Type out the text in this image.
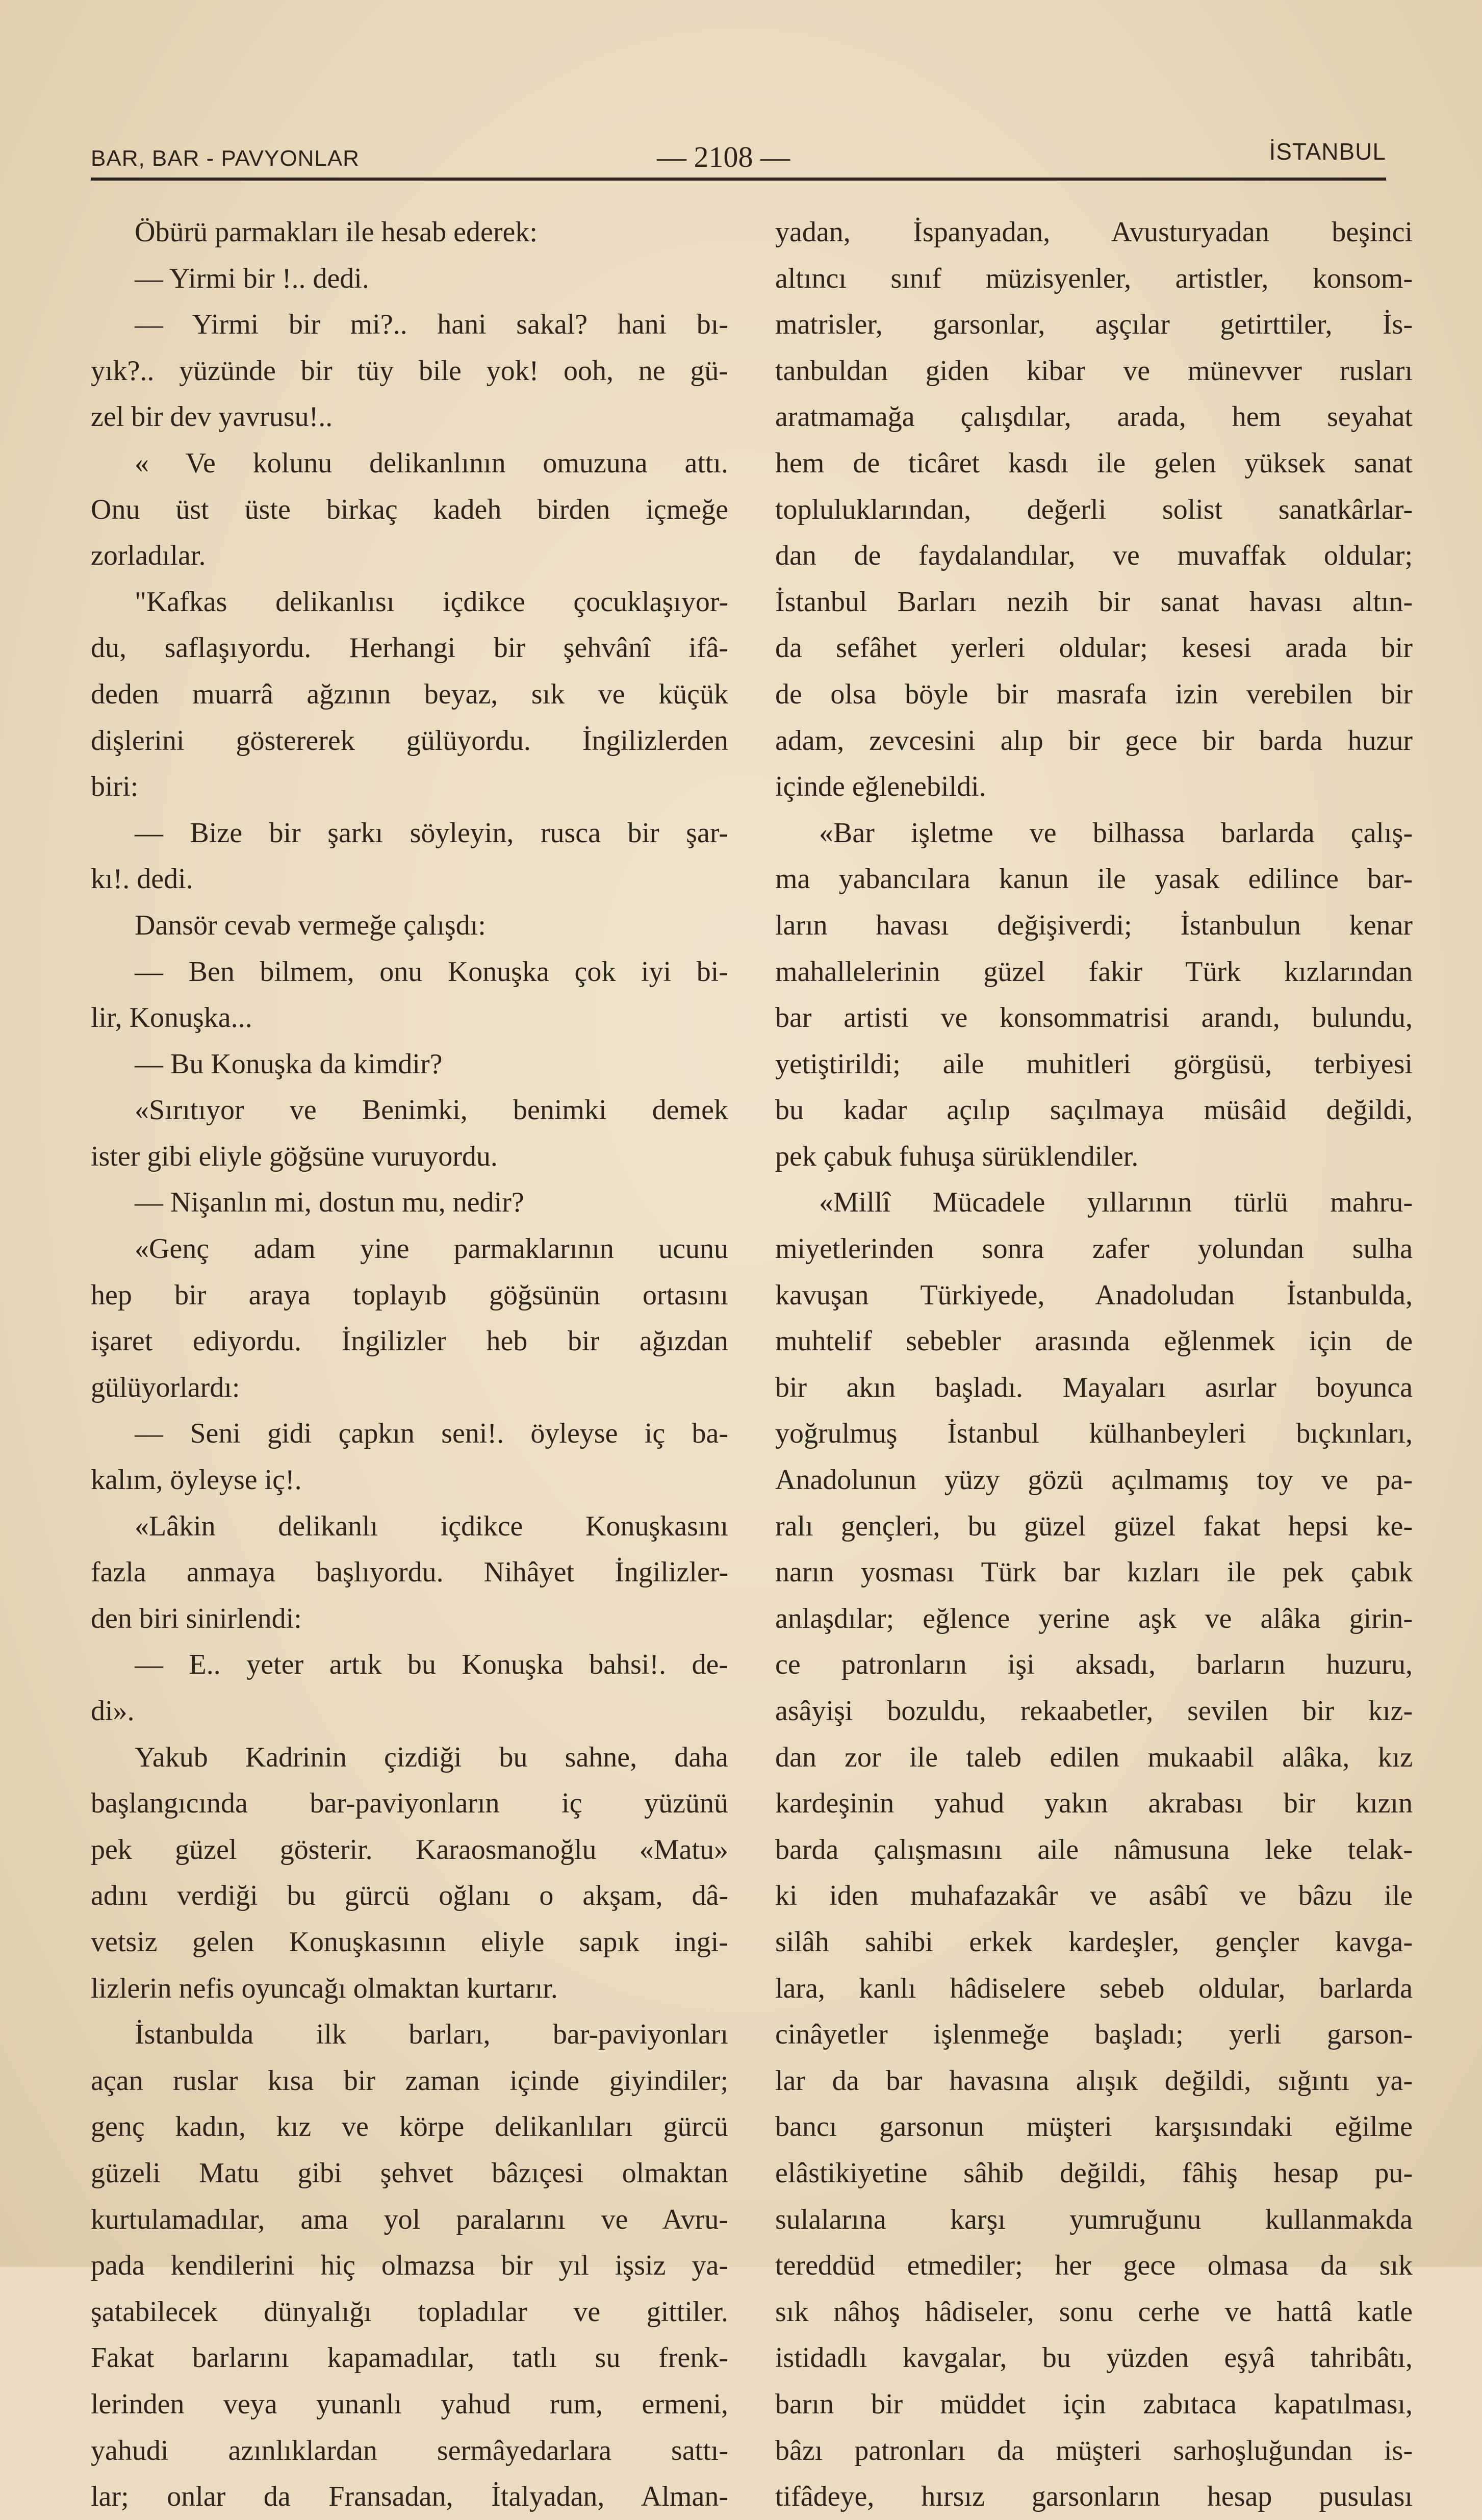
BAR, BAR - PAVYONLAR	— 2108 —	İSTANBUL
Öbürü parmakları ile hesab ederek:
— Yirmi bir !.. dedi.
— Yirmi bir mi?.. hani sakal? hani bı-
yık?.. yüzünde bir tüy bile yok! ooh, ne gü-
zel bir dev yavrusu!..
« Ve kolunu delikanlının omuzuna attı.
Onu üst üste birkaç kadeh birden içmeğe
zorladılar.
"Kafkas delikanlısı içdikce çocuklaşıyor-
du, saflaşıyordu. Herhangi bir şehvânî ifâ-
deden muarrâ ağzının beyaz, sık ve küçük
dişlerini göstererek gülüyordu. İngilizlerden
biri:
— Bize bir şarkı söyleyin, rusca bir şar-
kı!. dedi.
Dansör cevab vermeğe çalışdı:
— Ben bilmem, onu Konuşka çok iyi bi-
lir, Konuşka...
— Bu Konuşka da kimdir?
«Sırıtıyor ve Benimki, benimki demek
ister gibi eliyle göğsüne vuruyordu.
— Nişanlın mi, dostun mu, nedir?
«Genç adam yine parmaklarının ucunu
hep bir araya toplayıb göğsünün ortasını
işaret ediyordu. İngilizler heb bir ağızdan
gülüyorlardı:
— Seni gidi çapkın seni!. öyleyse iç ba-
kalım, öyleyse iç!.
«Lâkin delikanlı içdikce Konuşkasını
fazla anmaya başlıyordu. Nihâyet İngilizler-
den biri sinirlendi:
— E.. yeter artık bu Konuşka bahsi!. de-
di».
Yakub Kadrinin çizdiği bu sahne, daha
başlangıcında bar-paviyonların iç yüzünü
pek güzel gösterir. Karaosmanoğlu «Matu»
adını verdiği bu gürcü oğlanı o akşam, dâ-
vetsiz gelen Konuşkasının eliyle sapık ingi-
lizlerin nefis oyuncağı olmaktan kurtarır.
İstanbulda ilk barları, bar-paviyonları
açan ruslar kısa bir zaman içinde giyindiler;
genç kadın, kız ve körpe delikanlıları gürcü
güzeli Matu gibi şehvet bâzıçesi olmaktan
kurtulamadılar, ama yol paralarını ve Avru-
pada kendilerini hiç olmazsa bir yıl işsiz ya-
şatabilecek dünyalığı topladılar ve gittiler.
Fakat barlarını kapamadılar, tatlı su frenk-
lerinden veya yunanlı yahud rum, ermeni,
yahudi azınlıklardan sermâyedarlara sattı-
lar; onlar da Fransadan, İtalyadan, Alman-
yadan, İspanyadan, Avusturyadan beşinci
altıncı sınıf müzisyenler, artistler, konsom-
matrisler, garsonlar, aşçılar getirttiler, İs-
tanbuldan giden kibar ve münevver rusları
aratmamağa çalışdılar, arada, hem seyahat
hem de ticâret kasdı ile gelen yüksek sanat
topluluklarından, değerli solist sanatkârlar-
dan de faydalandılar, ve muvaffak oldular;
İstanbul Barları nezih bir sanat havası altın-
da sefâhet yerleri oldular; kesesi arada bir
de olsa böyle bir masrafa izin verebilen bir
adam, zevcesini alıp bir gece bir barda huzur
içinde eğlenebildi.
«Bar işletme ve bilhassa barlarda çalış-
ma yabancılara kanun ile yasak edilince bar-
ların havası değişiverdi; İstanbulun kenar
mahallelerinin güzel fakir Türk kızlarından
bar artisti ve konsommatrisi arandı, bulundu,
yetiştirildi; aile muhitleri görgüsü, terbiyesi
bu kadar açılıp saçılmaya müsâid değildi,
pek çabuk fuhuşa sürüklendiler.
«Millî Mücadele yıllarının türlü mahru-
miyetlerinden sonra zafer yolundan sulha
kavuşan Türkiyede, Anadoludan İstanbulda,
muhtelif sebebler arasında eğlenmek için de
bir akın başladı. Mayaları asırlar boyunca
yoğrulmuş İstanbul külhanbeyleri bıçkınları,
Anadolunun yüzy gözü açılmamış toy ve pa-
ralı gençleri, bu güzel güzel fakat hepsi ke-
narın yosması Türk bar kızları ile pek çabık
anlaşdılar; eğlence yerine aşk ve alâka girin-
ce patronların işi aksadı, barların huzuru,
asâyişi bozuldu, rekaabetler, sevilen bir kız-
dan zor ile taleb edilen mukaabil alâka, kız
kardeşinin yahud yakın akrabası bir kızın
barda çalışmasını aile nâmusuna leke telak-
ki iden muhafazakâr ve asâbî ve bâzu ile
silâh sahibi erkek kardeşler, gençler kavga-
lara, kanlı hâdiselere sebeb oldular, barlarda
cinâyetler işlenmeğe başladı; yerli garson-
lar da bar havasına alışık değildi, sığıntı ya-
bancı garsonun müşteri karşısındaki eğilme
elâstikiyetine sâhib değildi, fâhiş hesap pu-
sulalarına karşı yumruğunu kullanmakda
tereddüd etmediler; her gece olmasa da sık
sık nâhoş hâdiseler, sonu cerhe ve hattâ katle
istidadlı kavgalar, bu yüzden eşyâ tahribâtı,
barın bir müddet için zabıtaca kapatılması,
bâzı patronları da müşteri sarhoşluğundan is-
tifâdeye, hırsız garsonların hesap pusulası
